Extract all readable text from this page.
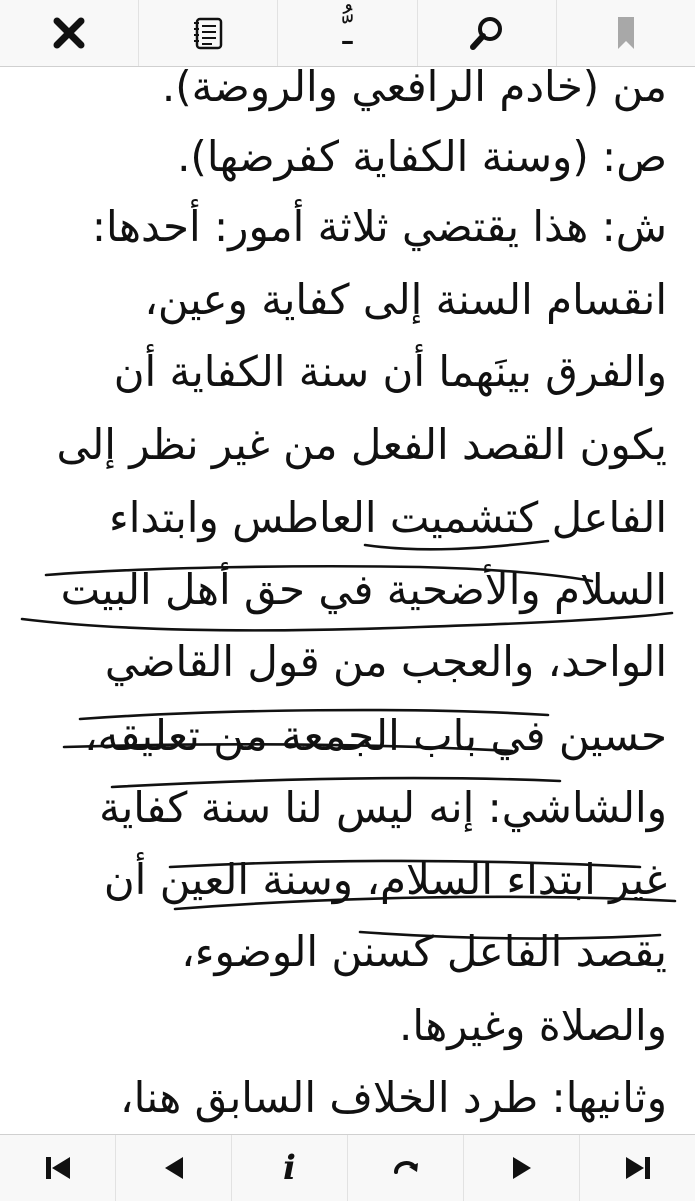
ـُّ
من (خادم الرافعي والروضة).
ص: (وسنة الكفاية كفرضها).
ش: هذا يقتضي ثلاثة أمور: أحدها:
انقسام السنة إلى كفاية وعين،
والفرق بينَهما أن سنة الكفاية أن
يكون القصد الفعل من غير نظر إلى
الفاعل كتشميت العاطس وابتداء
السلام والأضحية في حق أهل البيت
الواحد، والعجب من قول القاضي
حسين في باب الجمعة من تعليقه،
والشاشي: إنه ليس لنا سنة كفاية
غير ابتداء السلام، وسنة العين أن
يقصد الفاعل كسنن الوضوء،
والصلاة وغيرها.
وثانيها: طرد الخلاف السابق هنا،
i
